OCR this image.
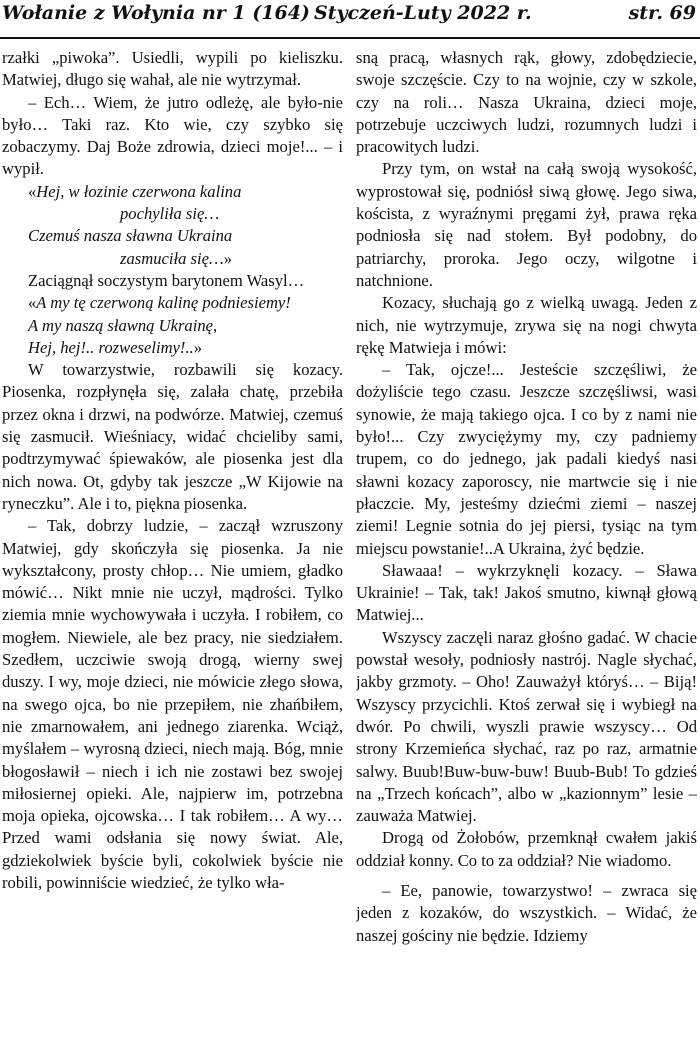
Wołanie z Wołynia nr 1 (164) Styczeń-Luty 2022 r.	str. 69

rzałki „piwoka”. Usiedli, wypili po kieliszku. Matwiej, długo się wahał, ale nie wytrzymał.

– Ech… Wiem, że jutro odleżę, ale było-nie było… Taki raz. Kto wie, czy szybko się zobaczymy. Daj Boże zdrowia, dzieci moje!... – i wypił.

«Hej, w łozinie czerwona kalina

pochyliła się…

Czemuś nasza sławna Ukraina

zasmuciła się…»

Zaciągnął soczystym barytonem Wasyl…

«A my tę czerwoną kalinę podniesiemy!

A my naszą sławną Ukrainę,

Hej, hej!.. rozweselimy!..»

W towarzystwie, rozbawili się kozacy. Piosenka, rozpłynęła się, zalała chatę, przebiła przez okna i drzwi, na podwórze. Matwiej, czemuś się zasmucił. Wieśniacy, widać chcieliby sami, podtrzymywać śpiewaków, ale piosenka jest dla nich nowa. Ot, gdyby tak jeszcze „W Kijowie na ryneczku”. Ale i to, piękna piosenka.

– Tak, dobrzy ludzie, – zaczął wzruszony Matwiej, gdy skończyła się piosenka. Ja nie wykształcony, prosty chłop… Nie umiem, gładko mówić… Nikt mnie nie uczył, mądrości. Tylko ziemia mnie wychowywała i uczyła. I robiłem, co mogłem. Niewiele, ale bez pracy, nie siedziałem. Szedłem, uczciwie swoją drogą, wierny swej duszy. I wy, moje dzieci, nie mówicie złego słowa, na swego ojca, bo nie przepiłem, nie zhańbiłem, nie zmarnowałem, ani jednego ziarenka. Wciąż, myślałem – wyrosną dzieci, niech mają. Bóg, mnie błogosławił – niech i ich nie zostawi bez swojej miłosiernej opieki. Ale, najpierw im, potrzebna moja opieka, ojcowska… I tak robiłem… A wy… Przed wami odsłania się nowy świat. Ale, gdziekolwiek byście byli, cokolwiek byście nie robili, powinniście wiedzieć, że tylko wła-

sną pracą, własnych rąk, głowy, zdobędziecie, swoje szczęście. Czy to na wojnie, czy w szkole, czy na roli… Nasza Ukraina, dzieci moje, potrzebuje uczciwych ludzi, rozumnych ludzi i pracowitych ludzi.

Przy tym, on wstał na całą swoją wysokość, wyprostował się, podniósł siwą głowę. Jego siwa, koścista, z wyraźnymi pręgami żył, prawa ręka podniosła się nad stołem. Był podobny, do patriarchy, proroka. Jego oczy, wilgotne i natchnione.

Kozacy, słuchają go z wielką uwagą. Jeden z nich, nie wytrzymuje, zrywa się na nogi chwyta rękę Matwieja i mówi:

– Tak, ojcze!... Jesteście szczęśliwi, że dożyliście tego czasu. Jeszcze szczęśliwsi, wasi synowie, że mają takiego ojca. I co by z nami nie było!... Czy zwyciężymy my, czy padniemy trupem, co do jednego, jak padali kiedyś nasi sławni kozacy zaporoscy, nie martwcie się i nie płaczcie. My, jesteśmy dziećmi ziemi – naszej ziemi! Legnie sotnia do jej piersi, tysiąc na tym miejscu powstanie!..A Ukraina, żyć będzie.

Sławaaa! – wykrzyknęli kozacy. – Sława Ukrainie! – Tak, tak! Jakoś smutno, kiwnął głową Matwiej...

Wszyscy zaczęli naraz głośno gadać. W chacie powstał wesoły, podniosły nastrój. Nagle słychać, jakby grzmoty. – Oho! Zauważył któryś… – Biją! Wszyscy przycichli. Ktoś zerwał się i wybiegł na dwór. Po chwili, wyszli prawie wszyscy… Od strony Krzemieńca słychać, raz po raz, armatnie salwy. Buub!Buw-buw-buw! Buub-Bub! To gdzieś na „Trzech końcach”, albo w „kazionnym” lesie – zauważa Matwiej.

Drogą od Żołobów, przemknął cwałem jakiś oddział konny. Co to za oddział? Nie wiadomo.

– Ee, panowie, towarzystwo! – zwraca się jeden z kozaków, do wszystkich. – Widać, że naszej gościny nie będzie. Idziemy
